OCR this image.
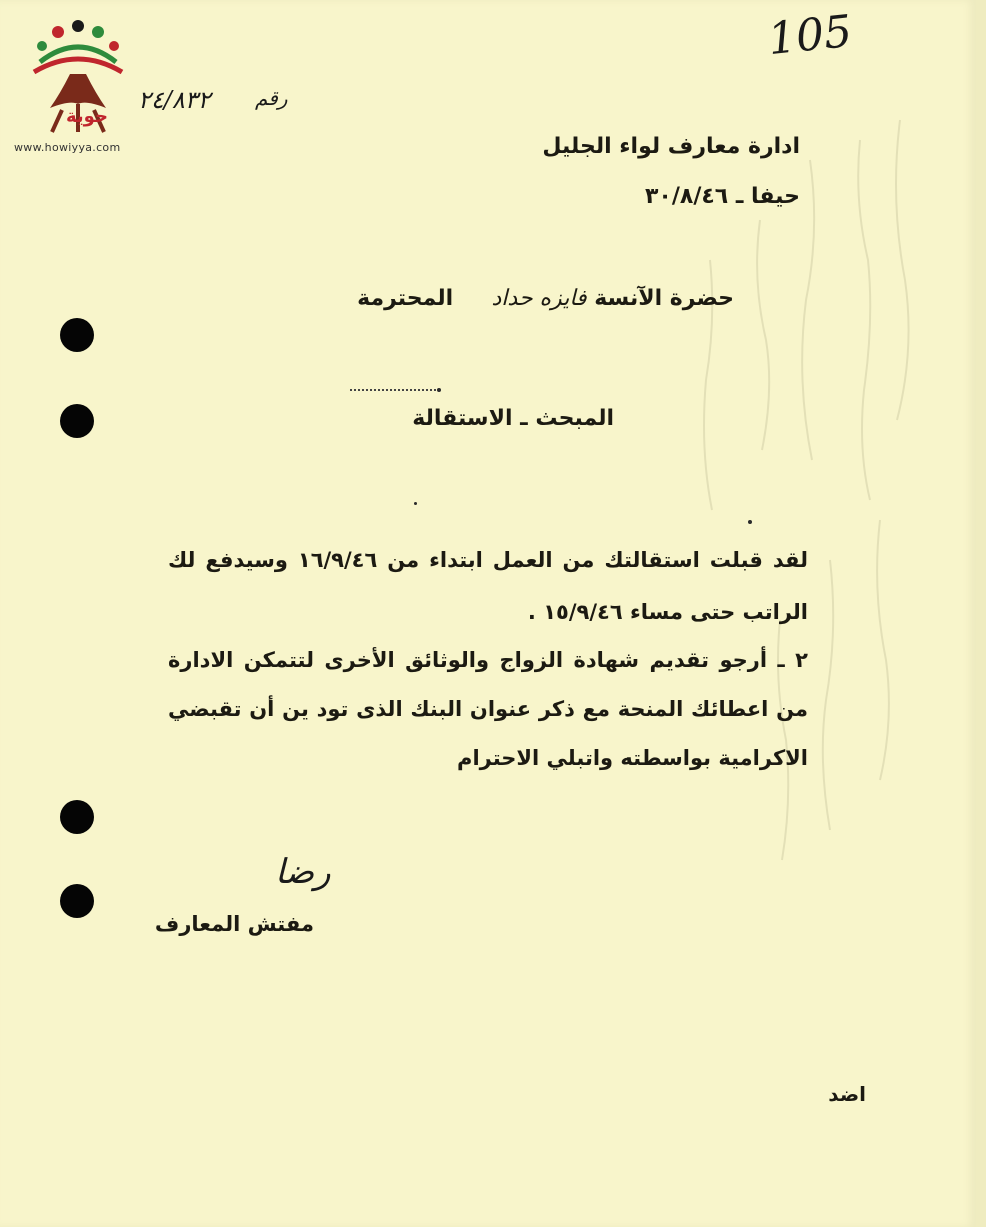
حوية
www.howiyya.com
105
٢٤/٨٣٢ رقم
ادارة معارف لواء الجليل
حيفا ـ ٣٠/٨/٤٦
حضرة الآنسة فايزه حداد     المحترمة
المبحث ـ الاستقالة
لقد قبلت استقالتك من العمل ابتداء من ١٦/٩/٤٦ وسيدفع لك الراتب حتى مساء ١٥/٩/٤٦ .
٢ ـ أرجو تقديم شهادة الزواج والوثائق الأخرى لتتمكن الادارة من اعطائك المنحة مع ذكر عنوان البنك الذى تود ين أن تقبضي الاكرامية بواسطته واتبلي الاحترام
رضا
مفتش المعارف
اضد
